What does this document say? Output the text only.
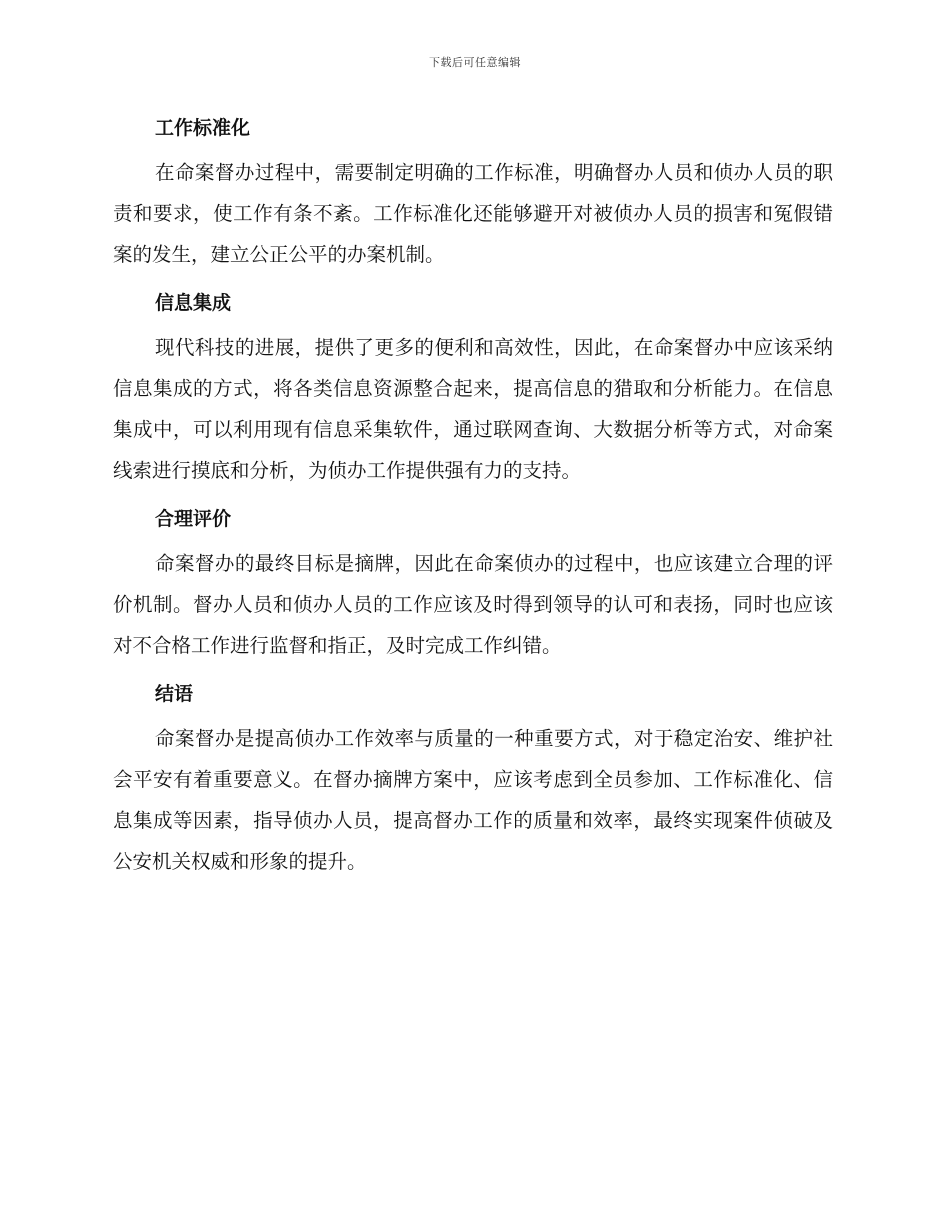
下载后可任意编辑
工作标准化

在命案督办过程中，需要制定明确的工作标准，明确督办人员和侦办人员的职责和要求，使工作有条不紊。工作标准化还能够避开对被侦办人员的损害和冤假错案的发生，建立公正公平的办案机制。

信息集成

现代科技的进展，提供了更多的便利和高效性，因此，在命案督办中应该采纳信息集成的方式，将各类信息资源整合起来，提高信息的猎取和分析能力。在信息集成中，可以利用现有信息采集软件，通过联网查询、大数据分析等方式，对命案线索进行摸底和分析，为侦办工作提供强有力的支持。

合理评价

命案督办的最终目标是摘牌，因此在命案侦办的过程中，也应该建立合理的评价机制。督办人员和侦办人员的工作应该及时得到领导的认可和表扬，同时也应该对不合格工作进行监督和指正，及时完成工作纠错。

结语

命案督办是提高侦办工作效率与质量的一种重要方式，对于稳定治安、维护社会平安有着重要意义。在督办摘牌方案中，应该考虑到全员参加、工作标准化、信息集成等因素，指导侦办人员，提高督办工作的质量和效率，最终实现案件侦破及公安机关权威和形象的提升。
